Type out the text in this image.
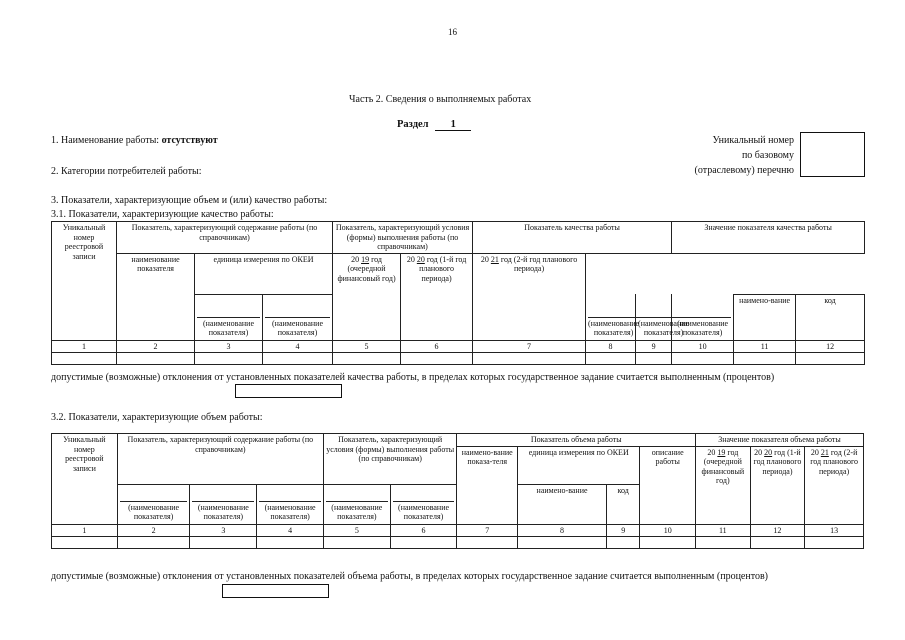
16
Часть 2. Сведения о выполняемых работах
Раздел 1
1. Наименование работы: отсутствуют
2. Категории потребителей работы:
Уникальный номер
по базовому
(отраслевому) перечню
3. Показатели, характеризующие объем и (или) качество работы:
3.1. Показатели, характеризующие качество работы:
Уникальный номер реестровой записи	Показатель, характеризующий содержание работы (по справочникам)			Показатель, характеризующий условия (формы) выполнения работы (по справочникам)		Показатель качества работы			Значение показателя качества работы		
	наименование показателя	единица измерения по ОКЕИ		20 19 год (очередной финансовый год)	20 20 год (1-й год планового периода)	20 21 год (2-й год планового периода)					
		(наименование показателя)	(наименование показателя)				(наименование показателя)	(наименование показателя)	(наименование показателя)	наимено-вание	код
1	2	3	4	5	6	7	8	9	10	11	12

допустимые (возможные) отклонения от установленных показателей качества работы, в пределах которых государственное задание считается выполненным (процентов)
3.2. Показатели, характеризующие объем работы:
Уникальный номер реестровой записи	Показатель, характеризующий содержание работы (по справочникам)			Показатель, характеризующий условия (формы) выполнения работы (по справочникам)		Показатель объема работы				Значение показателя объема работы		
						наимено-вание показа-теля	единица измерения по ОКЕИ		описание работы	20 19 год (очередной финансовый год)	20 20 год (1-й год планового периода)	20 21 год (2-й год планового периода)
	(наименование показателя)	(наименование показателя)	(наименование показателя)	(наименование показателя)	(наименование показателя)		наимено-вание	код				
1	2	3	4	5	6	7	8	9	10	11	12	13

допустимые (возможные) отклонения от установленных показателей объема работы, в пределах которых государственное задание считается выполненным (процентов)
